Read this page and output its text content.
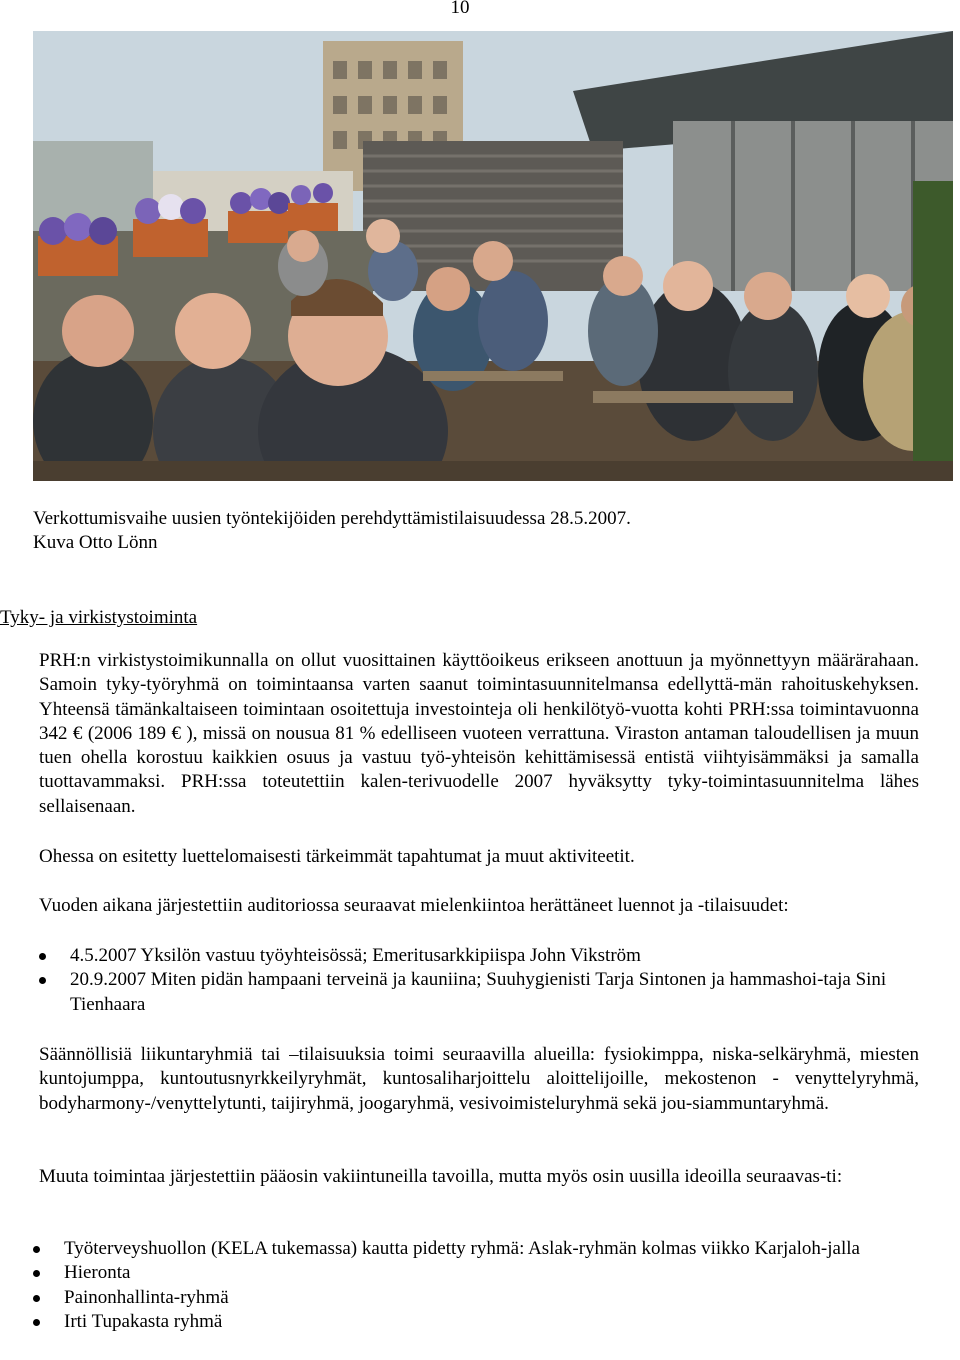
10
Verkottumisvaihe uusien työntekijöiden perehdyttämistilaisuudessa 28.5.2007.
Kuva Otto Lönn
Tyky- ja virkistystoiminta
PRH:n virkistystoimikunnalla on ollut vuosittainen käyttöoikeus erikseen anottuun ja myönnettyyn määrärahaan. Samoin tyky-työryhmä on toimintaansa varten saanut toimintasuunnitelmansa edellyttä-män rahoituskehyksen. Yhteensä tämänkaltaiseen toimintaan osoitettuja investointeja oli henkilötyö-vuotta kohti PRH:ssa toimintavuonna 342 € (2006 189 € ), missä on nousua 81 % edelliseen vuoteen verrattuna. Viraston antaman taloudellisen ja muun tuen ohella korostuu kaikkien osuus ja vastuu työ-yhteisön kehittämisessä entistä viihtyisämmäksi ja samalla tuottavammaksi. PRH:ssa toteutettiin kalen-terivuodelle 2007 hyväksytty tyky-toimintasuunnitelma lähes sellaisenaan.
Ohessa on esitetty luettelomaisesti tärkeimmät tapahtumat ja muut aktiviteetit.
Vuoden aikana järjestettiin auditoriossa seuraavat mielenkiintoa herättäneet luennot ja -tilaisuudet:
4.5.2007 Yksilön vastuu työyhteisössä; Emeritusarkkipiispa John Vikström
20.9.2007 Miten pidän hampaani terveinä ja kauniina; Suuhygienisti Tarja Sintonen ja hammashoi-taja Sini Tienhaara
Säännöllisiä liikuntaryhmiä tai –tilaisuuksia toimi seuraavilla alueilla: fysiokimppa, niska-selkäryhmä, miesten kuntojumppa, kuntoutusnyrkkeilyryhmät, kuntosaliharjoittelu aloittelijoille, mekostenon - venyttelyryhmä, bodyharmony-/venyttelytunti, taijiryhmä, joogaryhmä, vesivoimisteluryhmä sekä jou-siammuntaryhmä.
Muuta toimintaa järjestettiin pääosin vakiintuneilla tavoilla, mutta myös osin uusilla ideoilla seuraavas-ti:
Työterveyshuollon (KELA tukemassa) kautta pidetty ryhmä: Aslak-ryhmän kolmas viikko Karjaloh-jalla
Hieronta
Painonhallinta-ryhmä
Irti Tupakasta ryhmä
